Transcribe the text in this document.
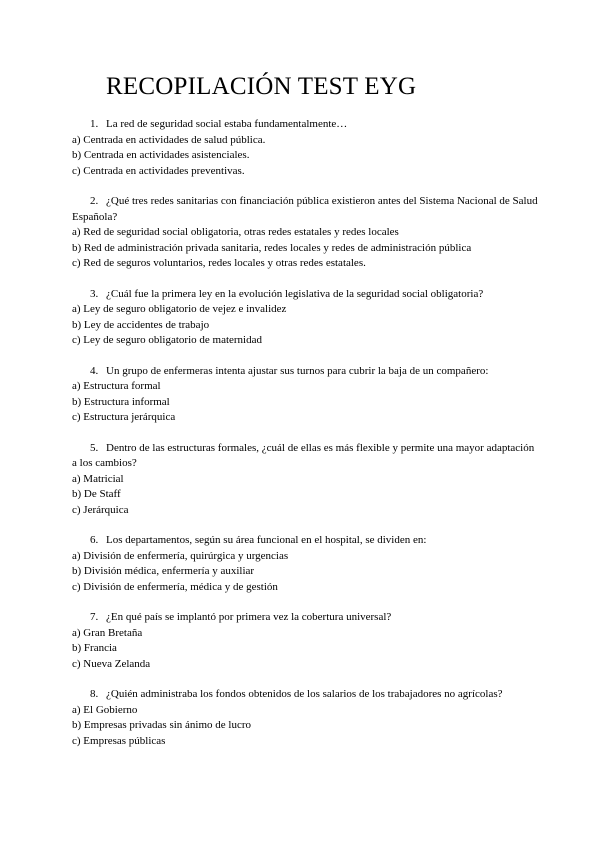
RECOPILACIÓN TEST EYG
1. La red de seguridad social estaba fundamentalmente…
a) Centrada en actividades de salud pública.
b) Centrada en actividades asistenciales.
c) Centrada en actividades preventivas.
2. ¿Qué tres redes sanitarias con financiación pública existieron antes del Sistema Nacional de Salud Española?
a) Red de seguridad social obligatoria, otras redes estatales y redes locales
b) Red de administración privada sanitaria, redes locales y redes de administración pública
c) Red de seguros voluntarios, redes locales y otras redes estatales.
3. ¿Cuál fue la primera ley en la evolución legislativa de la seguridad social obligatoria?
a) Ley de seguro obligatorio de vejez e invalidez
b) Ley de accidentes de trabajo
c) Ley de seguro obligatorio de maternidad
4. Un grupo de enfermeras intenta ajustar sus turnos para cubrir la baja de un compañero:
a) Estructura formal
b) Estructura informal
c) Estructura jerárquica
5. Dentro de las estructuras formales, ¿cuál de ellas es más flexible y permite una mayor adaptación a los cambios?
a) Matricial
b) De Staff
c) Jerárquica
6. Los departamentos, según su área funcional en el hospital, se dividen en:
a) División de enfermería, quirúrgica y urgencias
b) División médica, enfermería y auxiliar
c) División de enfermería, médica y de gestión
7. ¿En qué país se implantó por primera vez la cobertura universal?
a) Gran Bretaña
b) Francia
c) Nueva Zelanda
8. ¿Quién administraba los fondos obtenidos de los salarios de los trabajadores no agrícolas?
a) El Gobierno
b) Empresas privadas sin ánimo de lucro
c) Empresas públicas
